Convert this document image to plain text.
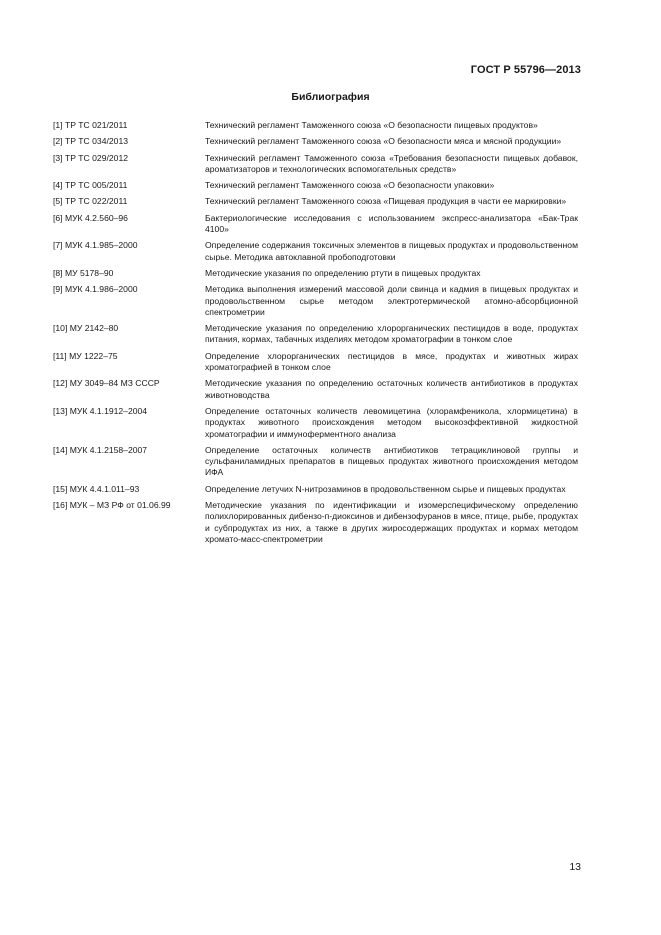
ГОСТ Р 55796—2013
Библиография
[1] ТР ТС 021/2011	Технический регламент Таможенного союза «О безопасности пищевых продуктов»
[2] ТР ТС 034/2013	Технический регламент Таможенного союза «О безопасности мяса и мясной продукции»
[3] ТР ТС 029/2012	Технический регламент Таможенного союза «Требования безопасности пищевых добавок, ароматизаторов и технологических вспомогательных средств»
[4] ТР ТС 005/2011	Технический регламент Таможенного союза «О безопасности упаковки»
[5] ТР ТС 022/2011	Технический регламент Таможенного союза «Пищевая продукция в части ее маркировки»
[6] МУК 4.2.560–96	Бактериологические исследования с использованием экспресс-анализатора «Бак-Трак 4100»
[7] МУК 4.1.985–2000	Определение содержания токсичных элементов в пищевых продуктах и продовольственном сырье. Методика автоклавной пробоподготовки
[8] МУ 5178–90	Методические указания по определению ртути в пищевых продуктах
[9] МУК 4.1.986–2000	Методика выполнения измерений массовой доли свинца и кадмия в пищевых продуктах и продовольственном сырье методом электротермической атомно-абсорбционной спектрометрии
[10] МУ 2142–80	Методические указания по определению хлорорганических пестицидов в воде, продуктах питания, кормах, табачных изделиях методом хроматографии в тонком слое
[11] МУ 1222–75	Определение хлорорганических пестицидов в мясе, продуктах и животных жирах хроматографией в тонком слое
[12] МУ 3049–84 МЗ СССР	Методические указания по определению остаточных количеств антибиотиков в продуктах животноводства
[13] МУК 4.1.1912–2004	Определение остаточных количеств левомицетина (хлорамфеникола, хлормицетина) в продуктах животного происхождения методом высокоэффективной жидкостной хроматографии и иммуноферментного анализа
[14] МУК 4.1.2158–2007	Определение остаточных количеств антибиотиков тетрациклиновой группы и сульфаниламидных препаратов в пищевых продуктах животного происхождения методом ИФА
[15] МУК 4.4.1.011–93	Определение летучих N-нитрозаминов в продовольственном сырье и пищевых продуктах
[16] МУК – МЗ РФ от 01.06.99	Методические указания по идентификации и изомерспецифическому определению полихлорированных дибензо-п-диоксинов и дибензофуранов в мясе, птице, рыбе, продуктах и субпродуктах из них, а также в других жиросодержащих продуктах и кормах методом хромато-масс-спектрометрии
13
